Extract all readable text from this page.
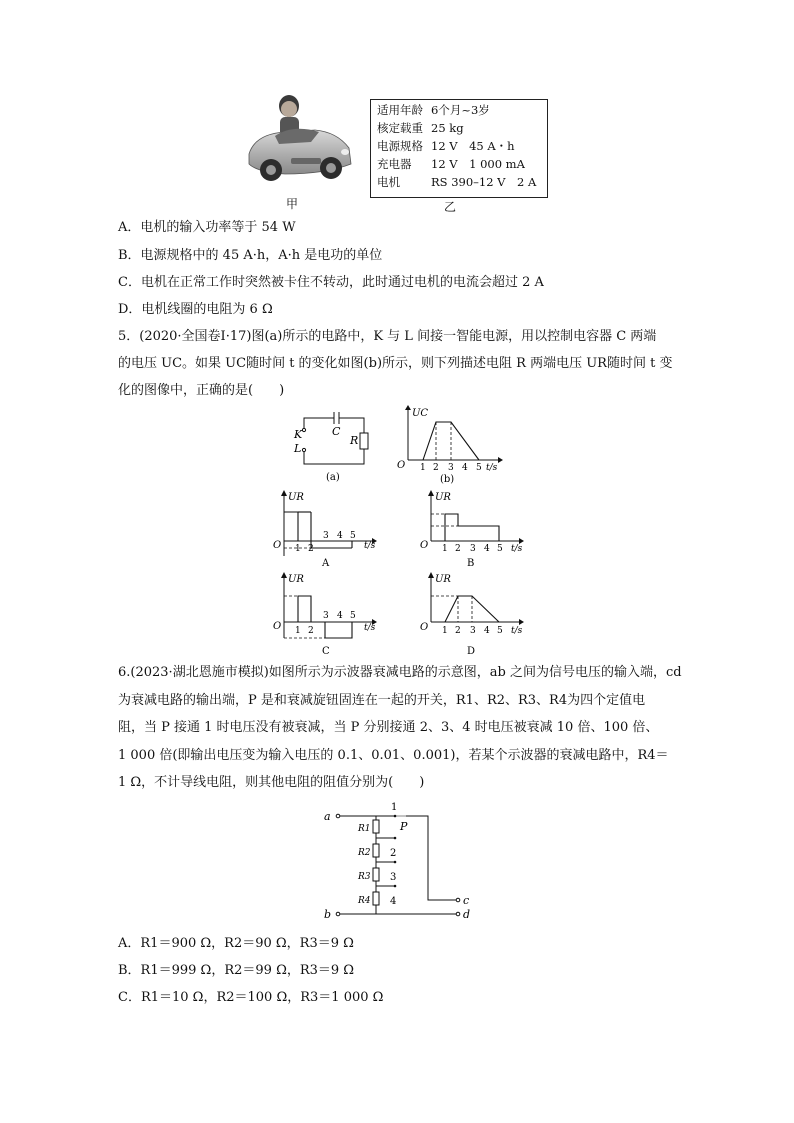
甲
适用年龄	6个月~3岁
核定载重	25 kg
电源规格	12 V　45 A・h
充电器	12 V　1 000 mA
电机	RS 390–12 V　2 A
乙
A．电机的输入功率等于 54 W
B．电源规格中的 45 A·h，A·h 是电功的单位
C．电机在正常工作时突然被卡住不转动，此时通过电机的电流会超过 2 A
D．电机线圈的电阻为 6 Ω
5．(2020·全国卷Ⅰ·17)图(a)所示的电路中，K 与 L 间接一智能电源，用以控制电容器 C 两端
的电压 UC。如果 UC随时间 t 的变化如图(b)所示，则下列描述电阻 R 两端电压 UR随时间 t 变
化的图像中，正确的是(　　)
K
L
C
R
(a)
UC
O 1 2 3 4 5 t/s
(b)
UR
O 1 2
3 4 5
t/s
A
UR
O 1 2 3 4 5 t/s
B
UR
O 1 2
3 4 5
t/s
C
UR
O 1 2 3 4 5 t/s
D
6.(2023·湖北恩施市模拟)如图所示为示波器衰减电路的示意图，ab 之间为信号电压的输入端，cd
为衰减电路的输出端，P 是和衰减旋钮固连在一起的开关，R1、R2、R3、R4为四个定值电
阻，当 P 接通 1 时电压没有被衰减，当 P 分别接通 2、3、4 时电压被衰减 10 倍、100 倍、
1 000 倍(即输出电压变为输入电压的 0.1、0.01、0.001)，若某个示波器的衰减电路中，R4＝
1 Ω，不计导线电阻，则其他电阻的阻值分别为(　　)
a
b
c
d
P
1
2
3
4
R1
R2
R3
R4
A．R1＝900 Ω，R2＝90 Ω，R3＝9 Ω
B．R1＝999 Ω，R2＝99 Ω，R3＝9 Ω
C．R1＝10 Ω，R2＝100 Ω，R3＝1 000 Ω
